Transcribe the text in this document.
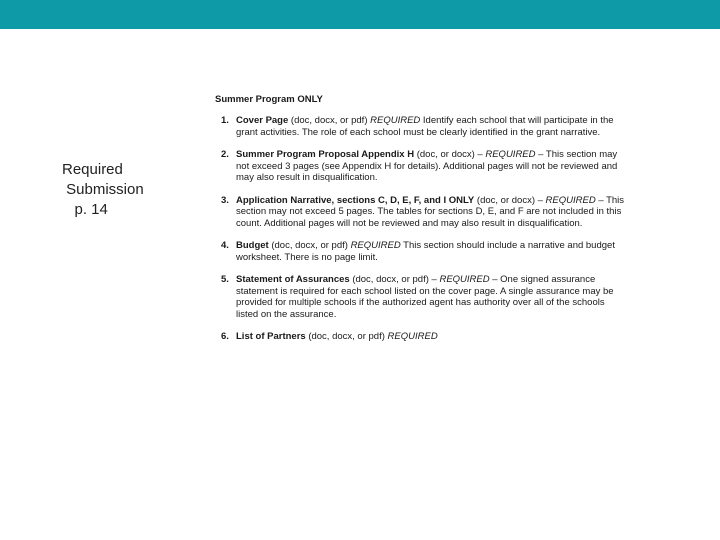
Required
Submission
p. 14
Summer Program ONLY
1. Cover Page (doc, docx, or pdf) REQUIRED Identify each school that will participate in the grant activities. The role of each school must be clearly identified in the grant narrative.
2. Summer Program Proposal Appendix H (doc, or docx) – REQUIRED – This section may not exceed 3 pages (see Appendix H for details). Additional pages will not be reviewed and may also result in disqualification.
3. Application Narrative, sections C, D, E, F, and I ONLY (doc, or docx) – REQUIRED – This section may not exceed 5 pages. The tables for sections D, E, and F are not included in this count. Additional pages will not be reviewed and may also result in disqualification.
4. Budget (doc, docx, or pdf) REQUIRED This section should include a narrative and budget worksheet. There is no page limit.
5. Statement of Assurances (doc, docx, or pdf) – REQUIRED – One signed assurance statement is required for each school listed on the cover page. A single assurance may be provided for multiple schools if the authorized agent has authority over all of the schools listed on the assurance.
6. List of Partners (doc, docx, or pdf) REQUIRED
